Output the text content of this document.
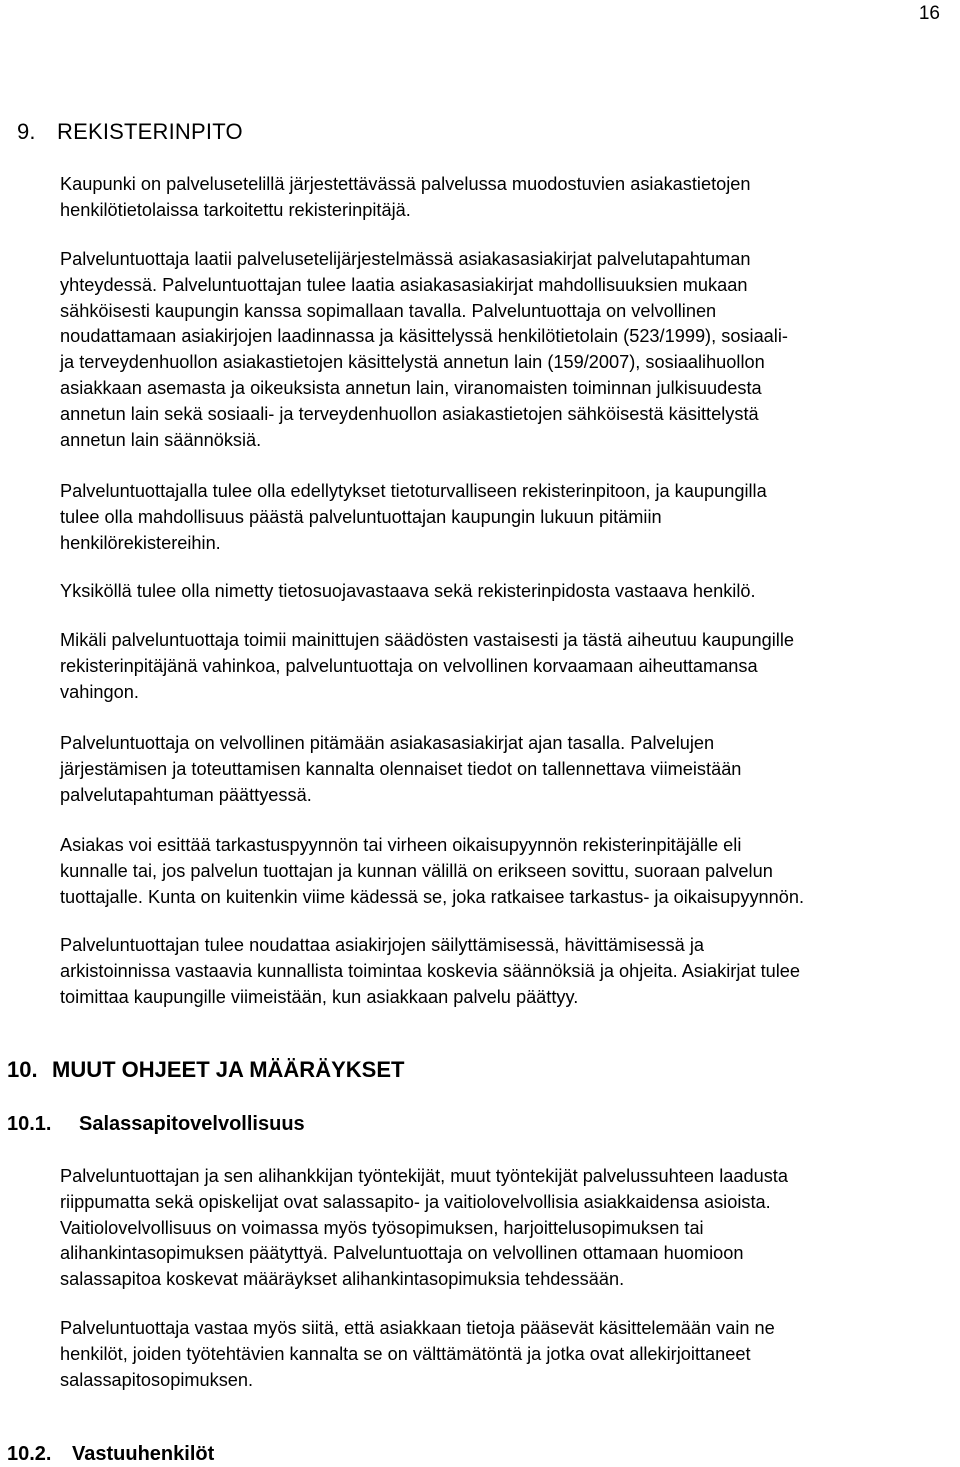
16
9. REKISTERINPITO

Kaupunki on palvelusetelillä järjestettävässä palvelussa muodostuvien asiakastietojen
henkilötietolaissa tarkoitettu rekisterinpitäjä.

Palveluntuottaja laatii palvelusetelijärjestelmässä asiakasasiakirjat palvelutapahtuman
yhteydessä. Palveluntuottajan tulee laatia asiakasasiakirjat mahdollisuuksien mukaan
sähköisesti kaupungin kanssa sopimallaan tavalla. Palveluntuottaja on velvollinen
noudattamaan asiakirjojen laadinnassa ja käsittelyssä henkilötietolain (523/1999), sosiaali-
ja terveydenhuollon asiakastietojen käsittelystä annetun lain (159/2007), sosiaalihuollon
asiakkaan asemasta ja oikeuksista annetun lain, viranomaisten toiminnan julkisuudesta
annetun lain sekä sosiaali- ja terveydenhuollon asiakastietojen sähköisestä käsittelystä
annetun lain säännöksiä.

Palveluntuottajalla tulee olla edellytykset tietoturvalliseen rekisterinpitoon, ja kaupungilla
tulee olla mahdollisuus päästä palveluntuottajan kaupungin lukuun pitämiin
henkilörekistereihin.

Yksiköllä tulee olla nimetty tietosuojavastaava sekä rekisterinpidosta vastaava henkilö.

Mikäli palveluntuottaja toimii mainittujen säädösten vastaisesti ja tästä aiheutuu kaupungille
rekisterinpitäjänä vahinkoa, palveluntuottaja on velvollinen korvaamaan aiheuttamansa
vahingon.

Palveluntuottaja on velvollinen pitämään asiakasasiakirjat ajan tasalla. Palvelujen
järjestämisen ja toteuttamisen kannalta olennaiset tiedot on tallennettava viimeistään
palvelutapahtuman päättyessä.

Asiakas voi esittää tarkastuspyynnön tai virheen oikaisupyynnön rekisterinpitäjälle eli
kunnalle tai, jos palvelun tuottajan ja kunnan välillä on erikseen sovittu, suoraan palvelun
tuottajalle. Kunta on kuitenkin viime kädessä se, joka ratkaisee tarkastus- ja oikaisupyynnön.

Palveluntuottajan tulee noudattaa asiakirjojen säilyttämisessä, hävittämisessä ja
arkistoinnissa vastaavia kunnallista toimintaa koskevia säännöksiä ja ohjeita. Asiakirjat tulee
toimittaa kaupungille viimeistään, kun asiakkaan palvelu päättyy.

10. MUUT OHJEET JA MÄÄRÄYKSET
10.1. Salassapitovelvollisuus

Palveluntuottajan ja sen alihankkijan työntekijät, muut työntekijät palvelussuhteen laadusta
riippumatta sekä opiskelijat ovat salassapito- ja vaitiolovelvollisia asiakkaidensa asioista.
Vaitiolovelvollisuus on voimassa myös työsopimuksen, harjoittelusopimuksen tai
alihankintasopimuksen päätyttyä. Palveluntuottaja on velvollinen ottamaan huomioon
salassapitoa koskevat määräykset alihankintasopimuksia tehdessään.

Palveluntuottaja vastaa myös siitä, että asiakkaan tietoja pääsevät käsittelemään vain ne
henkilöt, joiden työtehtävien kannalta se on välttämätöntä ja jotka ovat allekirjoittaneet
salassapitosopimuksen.

10.2. Vastuuhenkilöt
